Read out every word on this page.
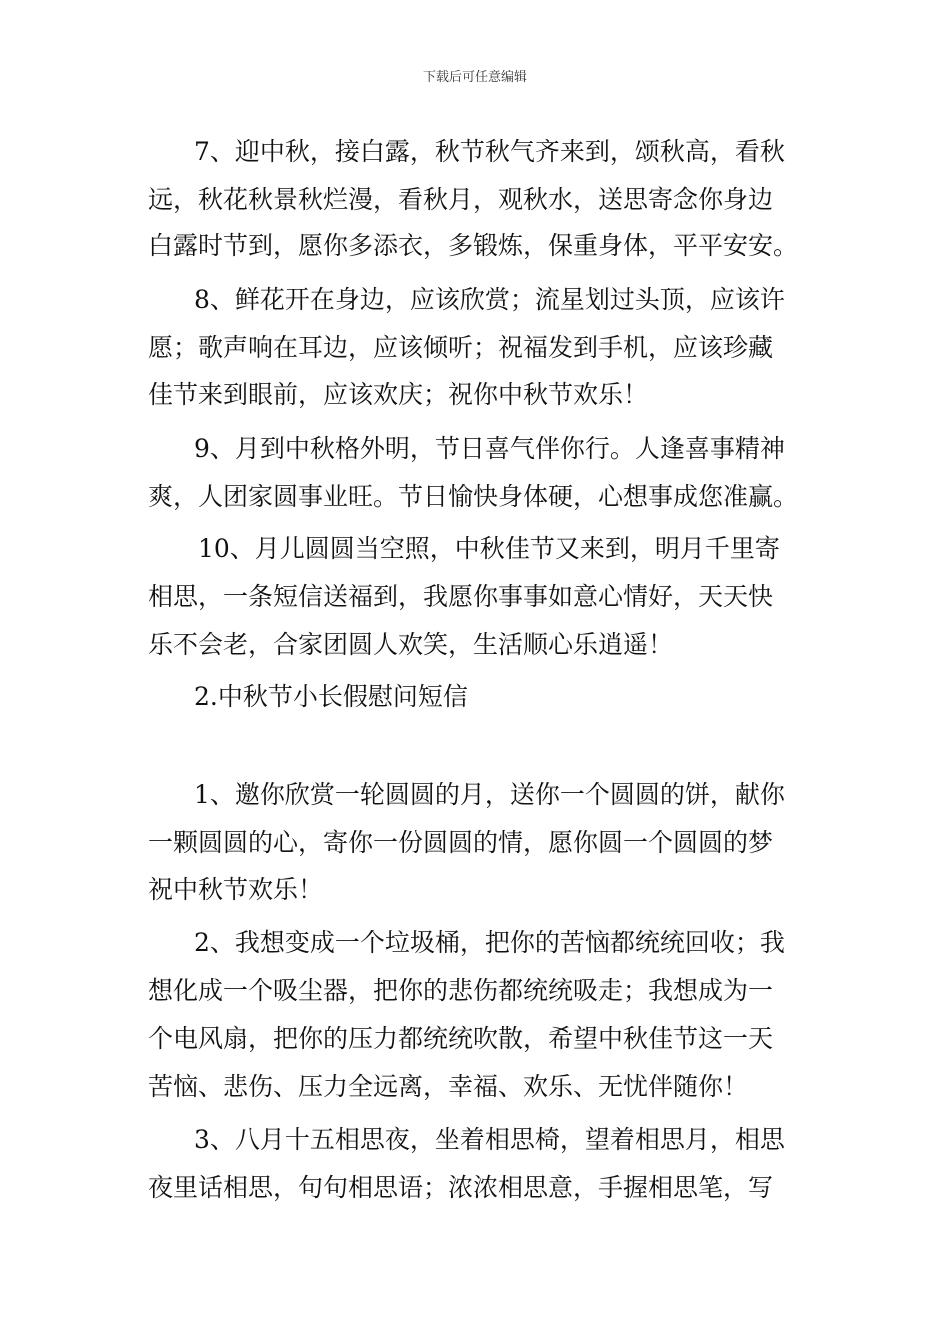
下载后可任意编辑
7、迎中秋，接白露，秋节秋气齐来到，颂秋高，看秋
远，秋花秋景秋烂漫，看秋月，观秋水，送思寄念你身边
白露时节到，愿你多添衣，多锻炼，保重身体，平平安安。
8、鲜花开在身边，应该欣赏；流星划过头顶，应该许
愿；歌声响在耳边，应该倾听；祝福发到手机，应该珍藏
佳节来到眼前，应该欢庆；祝你中秋节欢乐！
9、月到中秋格外明，节日喜气伴你行。人逢喜事精神
爽，人团家圆事业旺。节日愉快身体硬，心想事成您准赢。
10、月儿圆圆当空照，中秋佳节又来到，明月千里寄
相思，一条短信送福到，我愿你事事如意心情好，天天快
乐不会老，合家团圆人欢笑，生活顺心乐逍遥！
2.中秋节小长假慰问短信
1、邀你欣赏一轮圆圆的月，送你一个圆圆的饼，献你
一颗圆圆的心，寄你一份圆圆的情，愿你圆一个圆圆的梦
祝中秋节欢乐！
2、我想变成一个垃圾桶，把你的苦恼都统统回收；我
想化成一个吸尘器，把你的悲伤都统统吸走；我想成为一
个电风扇，把你的压力都统统吹散，希望中秋佳节这一天
苦恼、悲伤、压力全远离，幸福、欢乐、无忧伴随你！
3、八月十五相思夜，坐着相思椅，望着相思月，相思
夜里话相思，句句相思语；浓浓相思意，手握相思笔，写
